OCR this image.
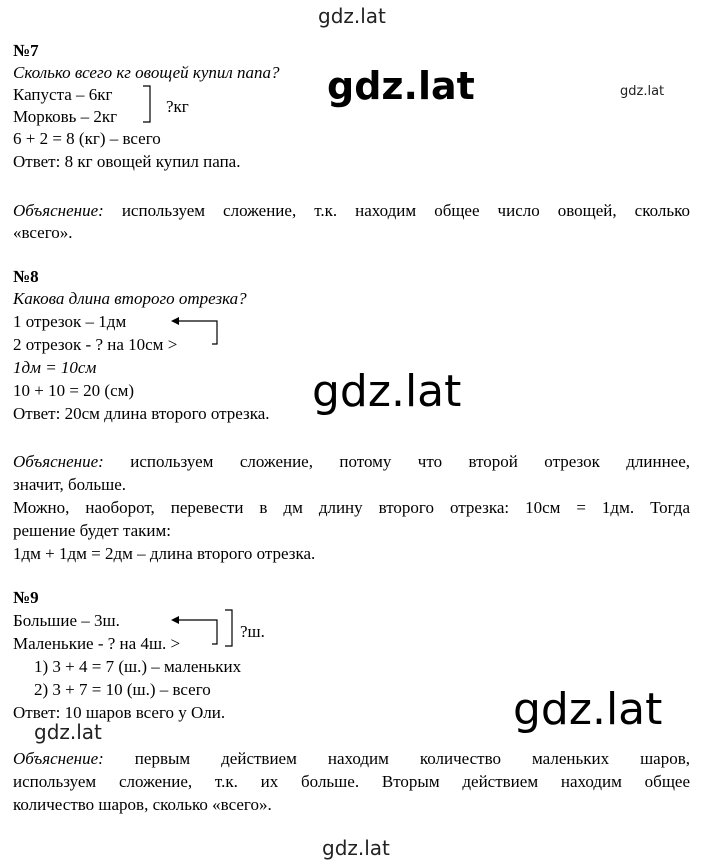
gdz.lat
№7
Сколько всего кг овощей купил папа?
Капуста – 6кг
Морковь – 2кг
?кг
6 + 2 = 8 (кг) – всего
Ответ: 8 кг овощей купил папа.
gdz.lat	gdz.lat
Объяснение: используем сложение, т.к. находим общее число овощей, сколько
«всего».
№8
Какова длина второго отрезка?
1 отрезок – 1дм
2 отрезок - ? на 10см >
1дм = 10см
10 + 10 = 20 (см)
Ответ: 20см длина второго отрезка. gdz.lat
Объяснение: используем сложение, потому что второй отрезок длиннее,
значит, больше.
Можно, наоборот, перевести в дм длину второго отрезка: 10см = 1дм. Тогда
решение будет таким:
1дм + 1дм = 2дм – длина второго отрезка.
№9
Большие – 3ш.
Маленькие - ? на 4ш. >
?ш.
1) 3 + 4 = 7 (ш.) – маленьких
2) 3 + 7 = 10 (ш.) – всего
Ответ: 10 шаров всего у Оли.	gdz.lat
gdz.lat
Объяснение: первым действием находим количество маленьких шаров,
используем сложение, т.к. их больше. Вторым действием находим общее
количество шаров, сколько «всего».
gdz.lat
